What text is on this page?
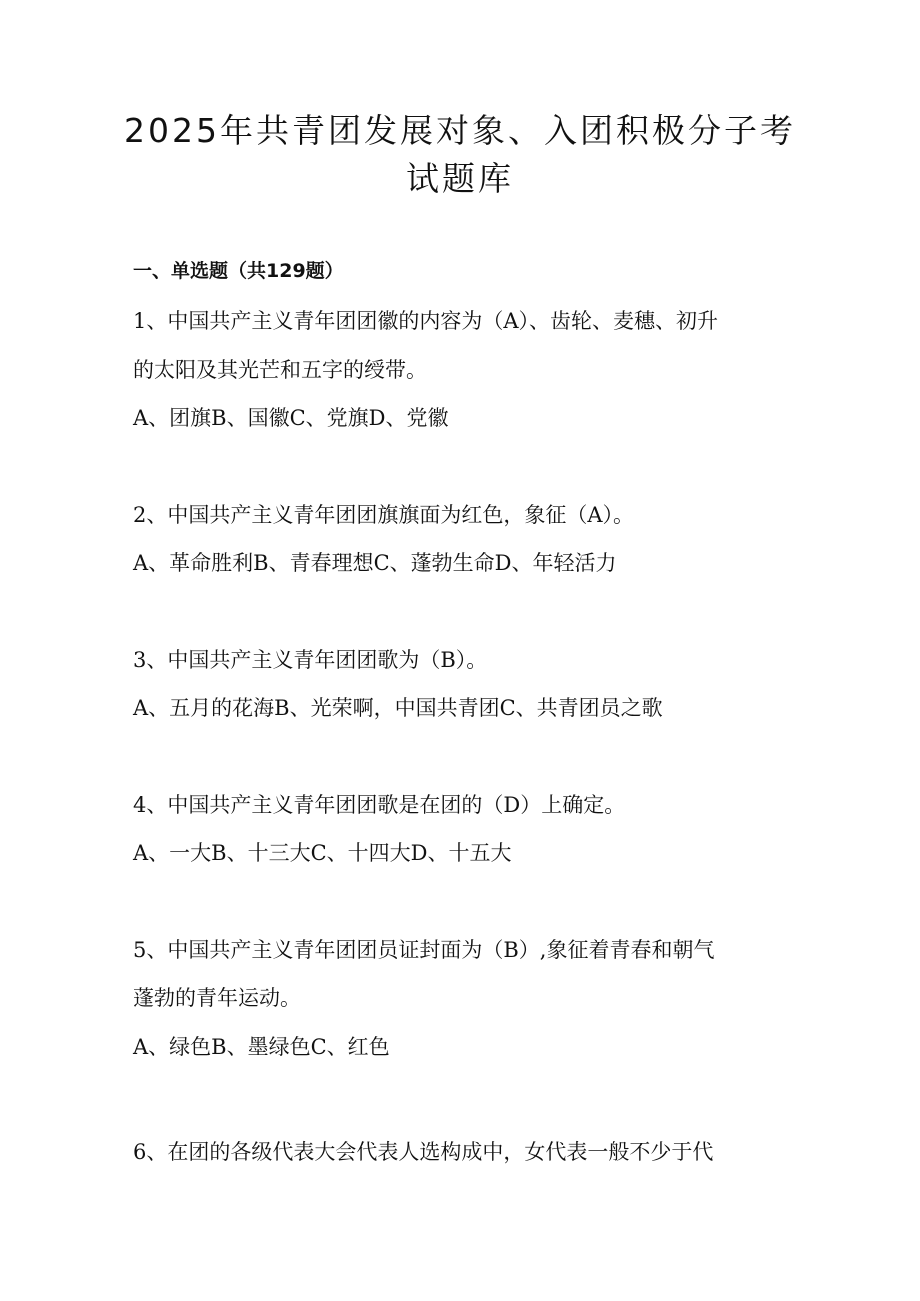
2025年共青团发展对象、入团积极分子考
试题库
一、单选题（共129题）

1、中国共产主义青年团团徽的内容为（A）、齿轮、麦穗、初升

的太阳及其光芒和五字的绶带。

A、团旗B、国徽C、党旗D、党徽

2、中国共产主义青年团团旗旗面为红色，象征（A）。

A、革命胜利B、青春理想C、蓬勃生命D、年轻活力

3、中国共产主义青年团团歌为（B）。

A、五月的花海B、光荣啊，中国共青团C、共青团员之歌

4、中国共产主义青年团团歌是在团的（D）上确定。

A、一大B、十三大C、十四大D、十五大

5、中国共产主义青年团团员证封面为（B）,象征着青春和朝气

蓬勃的青年运动。

A、绿色B、墨绿色C、红色

6、在团的各级代表大会代表人选构成中，女代表一般不少于代
